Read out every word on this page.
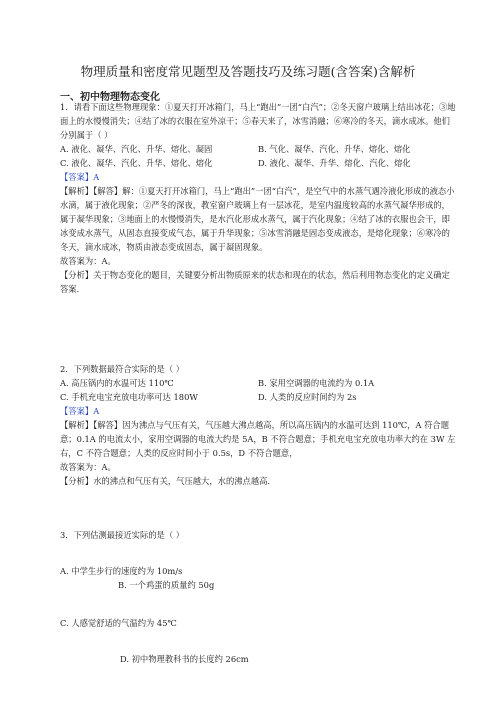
物理质量和密度常见题型及答题技巧及练习题(含答案)含解析
一、初中物理物态变化

1．请看下面这些物理现象：①夏天打开冰箱门，马上“跑出”一团“白汽”；②冬天窗户玻璃上结出冰花；③地面上的水慢慢消失；④结了冰的衣服在室外凉干；⑤春天来了，冰雪消融；⑥寒冷的冬天，滴水成冰。他们分别属于（ ）

A. 液化、凝华、汽化、升华、熔化、凝固	B. 气化、凝华、汽化、升华、熔化、熔化
C. 液化、凝华、汽化、升华、熔化、熔化	D. 液化、凝华、升华、熔化、汽化、熔化

【答案】A

【解析】【解答】解：①夏天打开冰箱门，马上“跑出”一团“白汽”，是空气中的水蒸气遇冷液化形成的液态小水滴，属于液化现象；②严冬的深夜，教室窗户玻璃上有一层冰花，是室内温度较高的水蒸气凝华形成的，属于凝华现象；③地面上的水慢慢消失，是水汽化形成水蒸气，属于汽化现象；④结了冰的衣服也会干，即冰变成水蒸气，从固态直接变成气态，属于升华现象；⑤冰雪消融是固态变成液态，是熔化现象；⑥寒冷的冬天，滴水成冰，物质由液态变成固态，属于凝固现象。

故答案为：A。

【分析】关于物态变化的题目，关键要分析出物质原来的状态和现在的状态，然后利用物态变化的定义确定答案.

2．下列数据最符合实际的是（ ）

A. 高压锅内的水温可达 110℃	B. 家用空调器的电流约为 0.1A
C. 手机充电宝充放电功率可达 180W	D. 人类的反应时间约为 2s

【答案】A

【解析】【解答】因为沸点与气压有关，气压越大沸点越高，所以高压锅内的水温可达到 110℃，A 符合题意；0.1A 的电流太小，家用空调器的电流大约是 5A，B 不符合题意；手机充电宝充放电功率大约在 3W 左右，C 不符合题意；人类的反应时间小于 0.5s，D 不符合题意，

故答案为：A。

【分析】水的沸点和气压有关，气压越大，水的沸点越高.

3．下列估测最接近实际的是（ ）

A. 中学生步行的速度约为 10m/s

B. 一个鸡蛋的质量约 50g

C. 人感觉舒适的气温约为 45℃

D. 初中物理教科书的长度约 26cm
